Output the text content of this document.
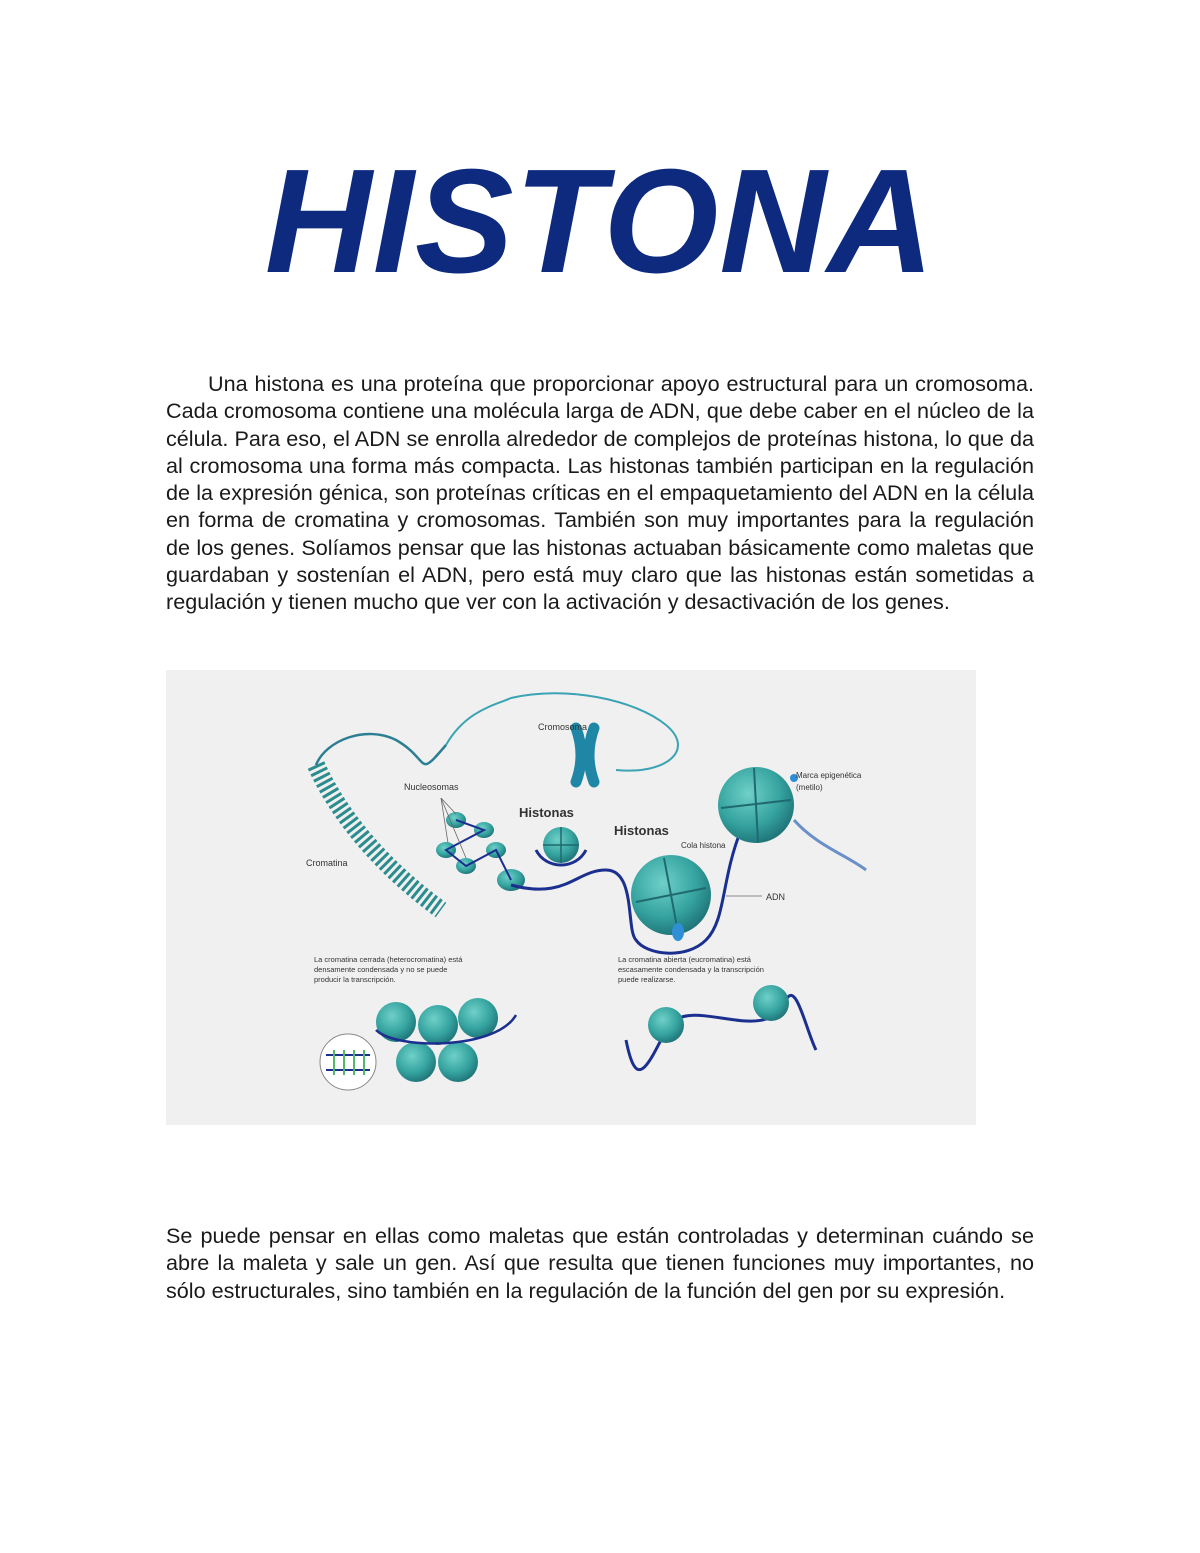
HISTONA

Una histona es una proteína que proporcionar apoyo estructural para un cromosoma. Cada cromosoma contiene una molécula larga de ADN, que debe caber en el núcleo de la célula. Para eso, el ADN se enrolla alrededor de complejos de proteínas histona, lo que da al cromosoma una forma más compacta. Las histonas también participan en la regulación de la expresión génica, son proteínas críticas en el empaquetamiento del ADN en la célula en forma de cromatina y cromosomas. También son muy importantes para la regulación de los genes. Solíamos pensar que las histonas actuaban básicamente como maletas que guardaban y sostenían el ADN, pero está muy claro que las histonas están sometidas a regulación y tienen mucho que ver con la activación y desactivación de los genes.

Cromosoma
Nucleosomas
Cromatina
Histonas
Histonas
Cola histona
Marca epigenética
(metilo)
ADN
La cromatina cerrada (heterocromatina) está
densamente condensada y no se puede
producir la transcripción.
La cromatina abierta (eucromatina) está
escasamente condensada y la transcripción
puede realizarse.

Se puede pensar en ellas como maletas que están controladas y determinan cuándo se abre la maleta y sale un gen. Así que resulta que tienen funciones muy importantes, no sólo estructurales, sino también en la regulación de la función del gen por su expresión.
